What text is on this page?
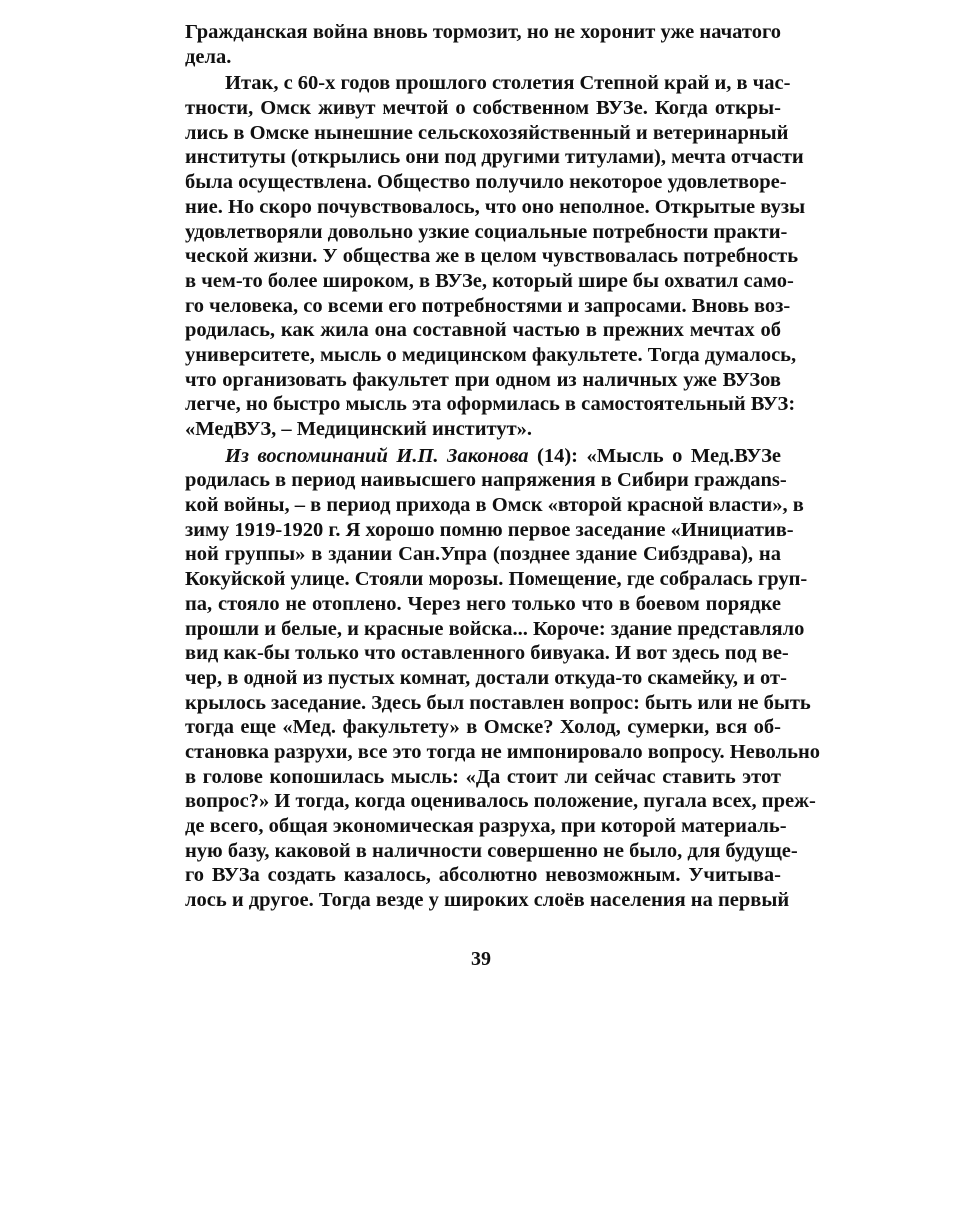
Гражданская война вновь тормозит, но не хоронит уже начатого
дела.
Итак, с 60-х годов прошлого столетия Степной край и, в час-
тности, Омск живут мечтой о собственном ВУЗе. Когда откры-
лись в Омске нынешние сельскохозяйственный и ветеринарный
институты (открылись они под другими титулами), мечта отчасти
была осуществлена. Общество получило некоторое удовлетворе-
ние. Но скоро почувствовалось, что оно неполное. Открытые вузы
удовлетворяли довольно узкие социальные потребности практи-
ческой жизни. У общества же в целом чувствовалась потребность
в чем-то более широком, в ВУЗе, который шире бы охватил само-
го человека, со всеми его потребностями и запросами. Вновь воз-
родилась, как жила она составной частью в прежних мечтах об
университете, мысль о медицинском факультете. Тогда думалось,
что организовать факультет при одном из наличных уже ВУЗов
легче, но быстро мысль эта оформилась в самостоятельный ВУЗ:
«МедВУЗ, – Медицинский институт».
Из воспоминаний И.П. Законова (14): «Мысль о Мед.ВУЗе
родилась в период наивысшего напряжения в Сибири граждans-
кой войны, – в период прихода в Омск «второй красной власти», в
зиму 1919-1920 г. Я хорошо помню первое заседание «Инициатив-
ной группы» в здании Сан.Упра (позднее здание Сибздрава), на
Кокуйской улице. Стояли морозы. Помещение, где собралась груп-
па, стояло не отоплено. Через него только что в боевом порядке
прошли и белые, и красные войска... Короче: здание представляло
вид как-бы только что оставленного бивуака. И вот здесь под ве-
чер, в одной из пустых комнат, достали откуда-то скамейку, и от-
крылось заседание. Здесь был поставлен вопрос: быть или не быть
тогда еще «Мед. факультету» в Омске? Холод, сумерки, вся об-
становка разрухи, все это тогда не импонировало вопросу. Невольно
в голове копошилась мысль: «Да стоит ли сейчас ставить этот
вопрос?» И тогда, когда оценивалось положение, пугала всех, преж-
де всего, общая экономическая разруха, при которой материаль-
ную базу, каковой в наличности совершенно не было, для будуще-
го ВУЗа создать казалось, абсолютно невозможным. Учитыва-
лось и другое. Тогда везде у широких слоёв населения на первый
39
